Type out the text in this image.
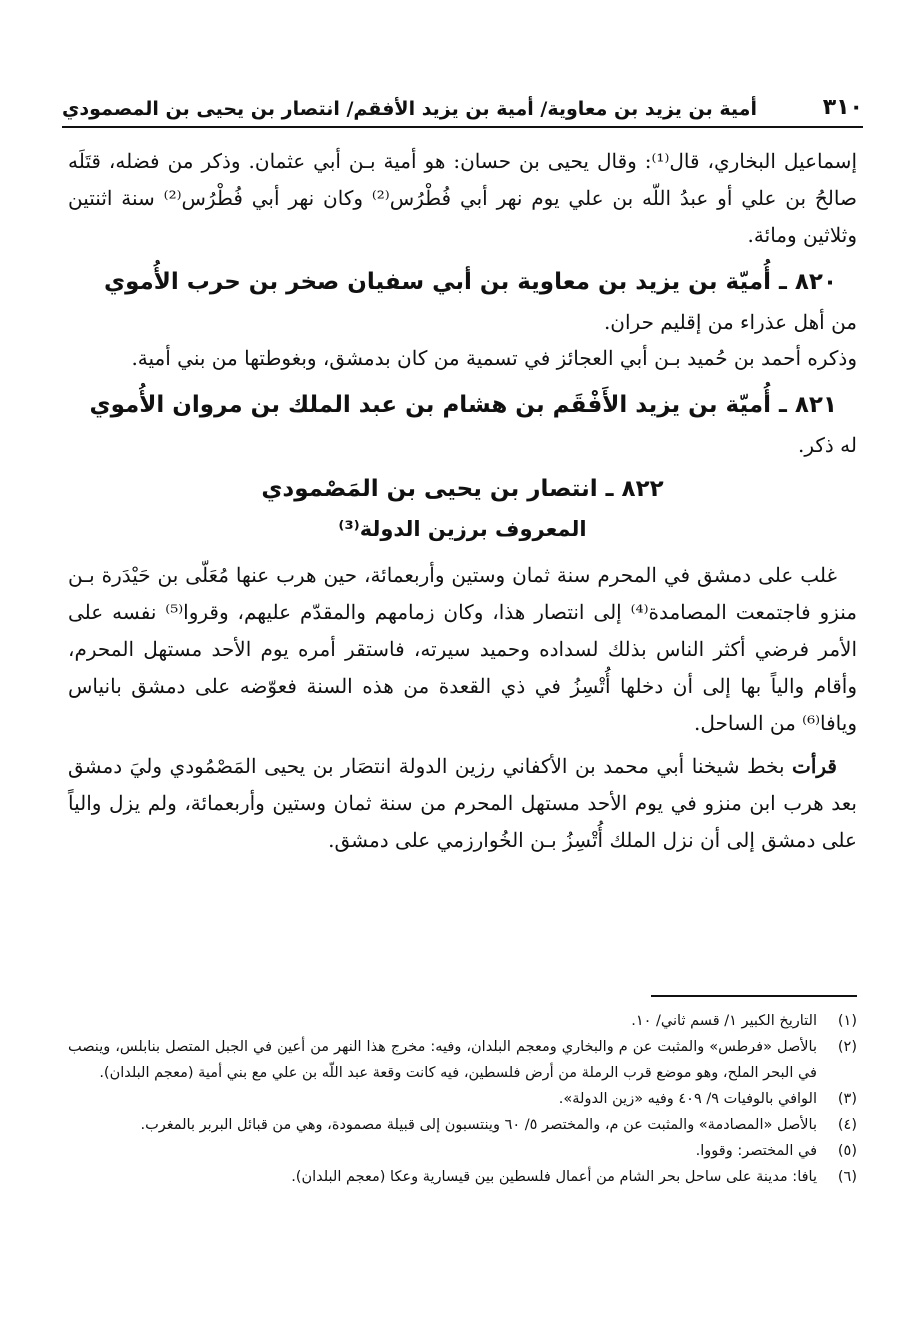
٣١٠
أمية بن يزيد بن معاوية/ أمية بن يزيد الأفقم/ انتصار بن يحيى بن المصمودي

إسماعيل البخاري، قال⁽¹⁾: وقال يحيى بن حسان: هو أمية بـن أبي عثمان. وذكر من فضله، قتَلَه صالحُ بن علي أو عبدُ اللّه بن علي يوم نهر أبي فُطْرُس⁽²⁾ وكان نهر أبي فُطْرُس⁽²⁾ سنة اثنتين وثلاثين ومائة.

٨٢٠ ـ أُميّة بن يزيد بن معاوية بن أبي سفيان صخر بن حرب الأُموي

من أهل عذراء من إقليم حران.

وذكره أحمد بن حُميد بـن أبي العجائز في تسمية من كان بدمشق، وبغوطتها من بني أمية.

٨٢١ ـ أُميّة بن يزيد الأَفْقَم بن هشام بن عبد الملك بن مروان الأُموي

له ذكر.

٨٢٢ ـ انتصار بن يحيى بن المَصْمودي
المعروف برزين الدولة⁽³⁾

غلب على دمشق في المحرم سنة ثمان وستين وأربعمائة، حين هرب عنها مُعَلّى بن حَيْدَرة بـن منزو فاجتمعت المصامدة⁽⁴⁾ إلى انتصار هذا، وكان زمامهم والمقدّم عليهم، وقروا⁽⁵⁾ نفسه على الأمر فرضي أكثر الناس بذلك لسداده وحميد سيرته، فاستقر أمره يوم الأحد مستهل المحرم، وأقام والياً بها إلى أن دخلها أُتْسِزُ في ذي القعدة من هذه السنة فعوّضه على دمشق بانياس ويافا⁽⁶⁾ من الساحل.

قرأت بخط شيخنا أبي محمد بن الأكفاني رزين الدولة انتصَار بن يحيى المَصْمُودي وليَ دمشق بعد هرب ابن منزو في يوم الأحد مستهل المحرم من سنة ثمان وستين وأربعمائة، ولم يزل والياً على دمشق إلى أن نزل الملك أُتْسِزُ بـن الخُوارزمي على دمشق.

(١)
التاريخ الكبير ١/ قسم ثاني/ ١٠.
(٢)
بالأصل «فرطس» والمثبت عن م والبخاري ومعجم البلدان، وفيه: مخرج هذا النهر من أعين في الجبل المتصل بنابلس، وينصب في البحر الملح، وهو موضع قرب الرملة من أرض فلسطين، فيه كانت وقعة عبد اللّه بن علي مع بني أمية (معجم البلدان).
(٣)
الوافي بالوفيات ٩/ ٤٠٩ وفيه «زين الدولة».
(٤)
بالأصل «المصادمة» والمثبت عن م، والمختصر ٥/ ٦٠ وينتسبون إلى قبيلة مصمودة، وهي من قبائل البربر بالمغرب.
(٥)
في المختصر: وقووا.
(٦)
يافا: مدينة على ساحل بحر الشام من أعمال فلسطين بين قيسارية وعكا (معجم البلدان).
